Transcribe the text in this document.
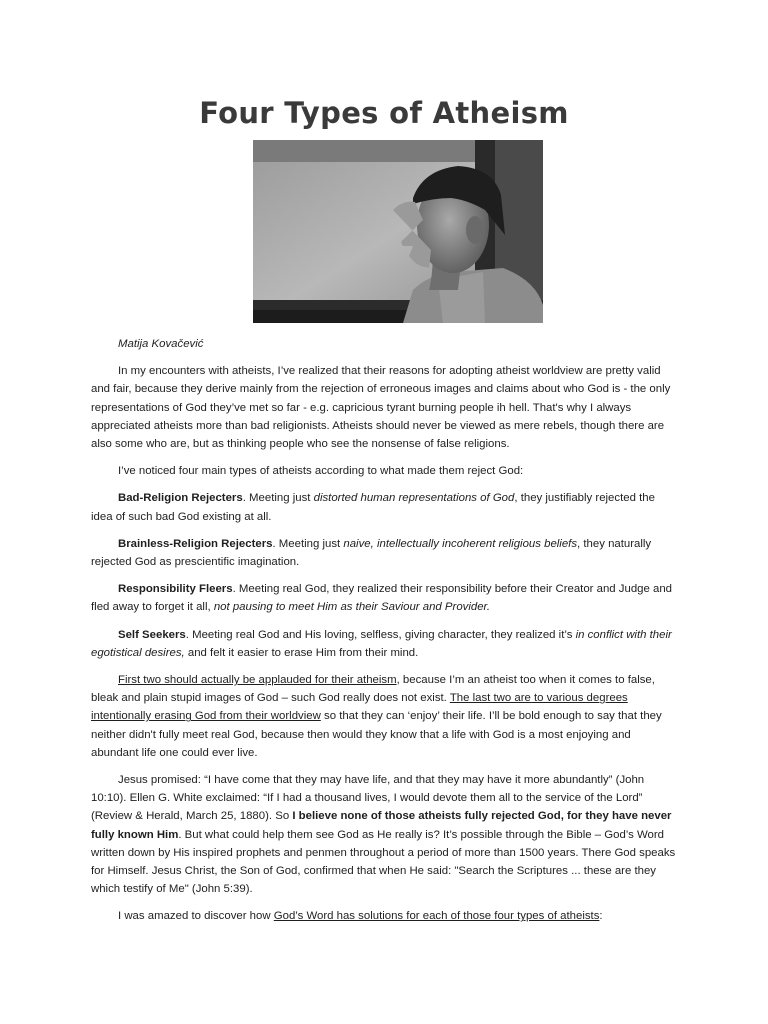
Four Types of Atheism

Matija Kovačević

In my encounters with atheists, I’ve realized that their reasons for adopting atheist worldview are pretty valid and fair, because they derive mainly from the rejection of erroneous images and claims about who God is - the only representations of God they’ve met so far - e.g. capricious tyrant burning people ih hell. That's why I always appreciated atheists more than bad religionists. Atheists should never be viewed as mere rebels, though there are also some who are, but as thinking people who see the nonsense of false religions.

I’ve noticed four main types of atheists according to what made them reject God:

Bad-Religion Rejecters. Meeting just distorted human representations of God, they justifiably rejected the idea of such bad God existing at all.

Brainless-Religion Rejecters. Meeting just naive, intellectually incoherent religious beliefs, they naturally rejected God as prescientific imagination.

Responsibility Fleers. Meeting real God, they realized their responsibility before their Creator and Judge and fled away to forget it all, not pausing to meet Him as their Saviour and Provider.

Self Seekers. Meeting real God and His loving, selfless, giving character, they realized it’s in conflict with their egotistical desires, and felt it easier to erase Him from their mind.

First two should actually be applauded for their atheism, because I’m an atheist too when it comes to false, bleak and plain stupid images of God – such God really does not exist. The last two are to various degrees intentionally erasing God from their worldview so that they can ‘enjoy’ their life. I’ll be bold enough to say that they neither didn't fully meet real God, because then would they know that a life with God is a most enjoying and abundant life one could ever live.

Jesus promised: “I have come that they may have life, and that they may have it more abundantly” (John 10:10). Ellen G. White exclaimed: “If I had a thousand lives, I would devote them all to the service of the Lord” (Review & Herald, March 25, 1880). So I believe none of those atheists fully rejected God, for they have never fully known Him. But what could help them see God as He really is? It’s possible through the Bible – God’s Word written down by His inspired prophets and penmen throughout a period of more than 1500 years. There God speaks for Himself. Jesus Christ, the Son of God, confirmed that when He said: "Search the Scriptures ... these are they which testify of Me" (John 5:39).

I was amazed to discover how God’s Word has solutions for each of those four types of atheists:
